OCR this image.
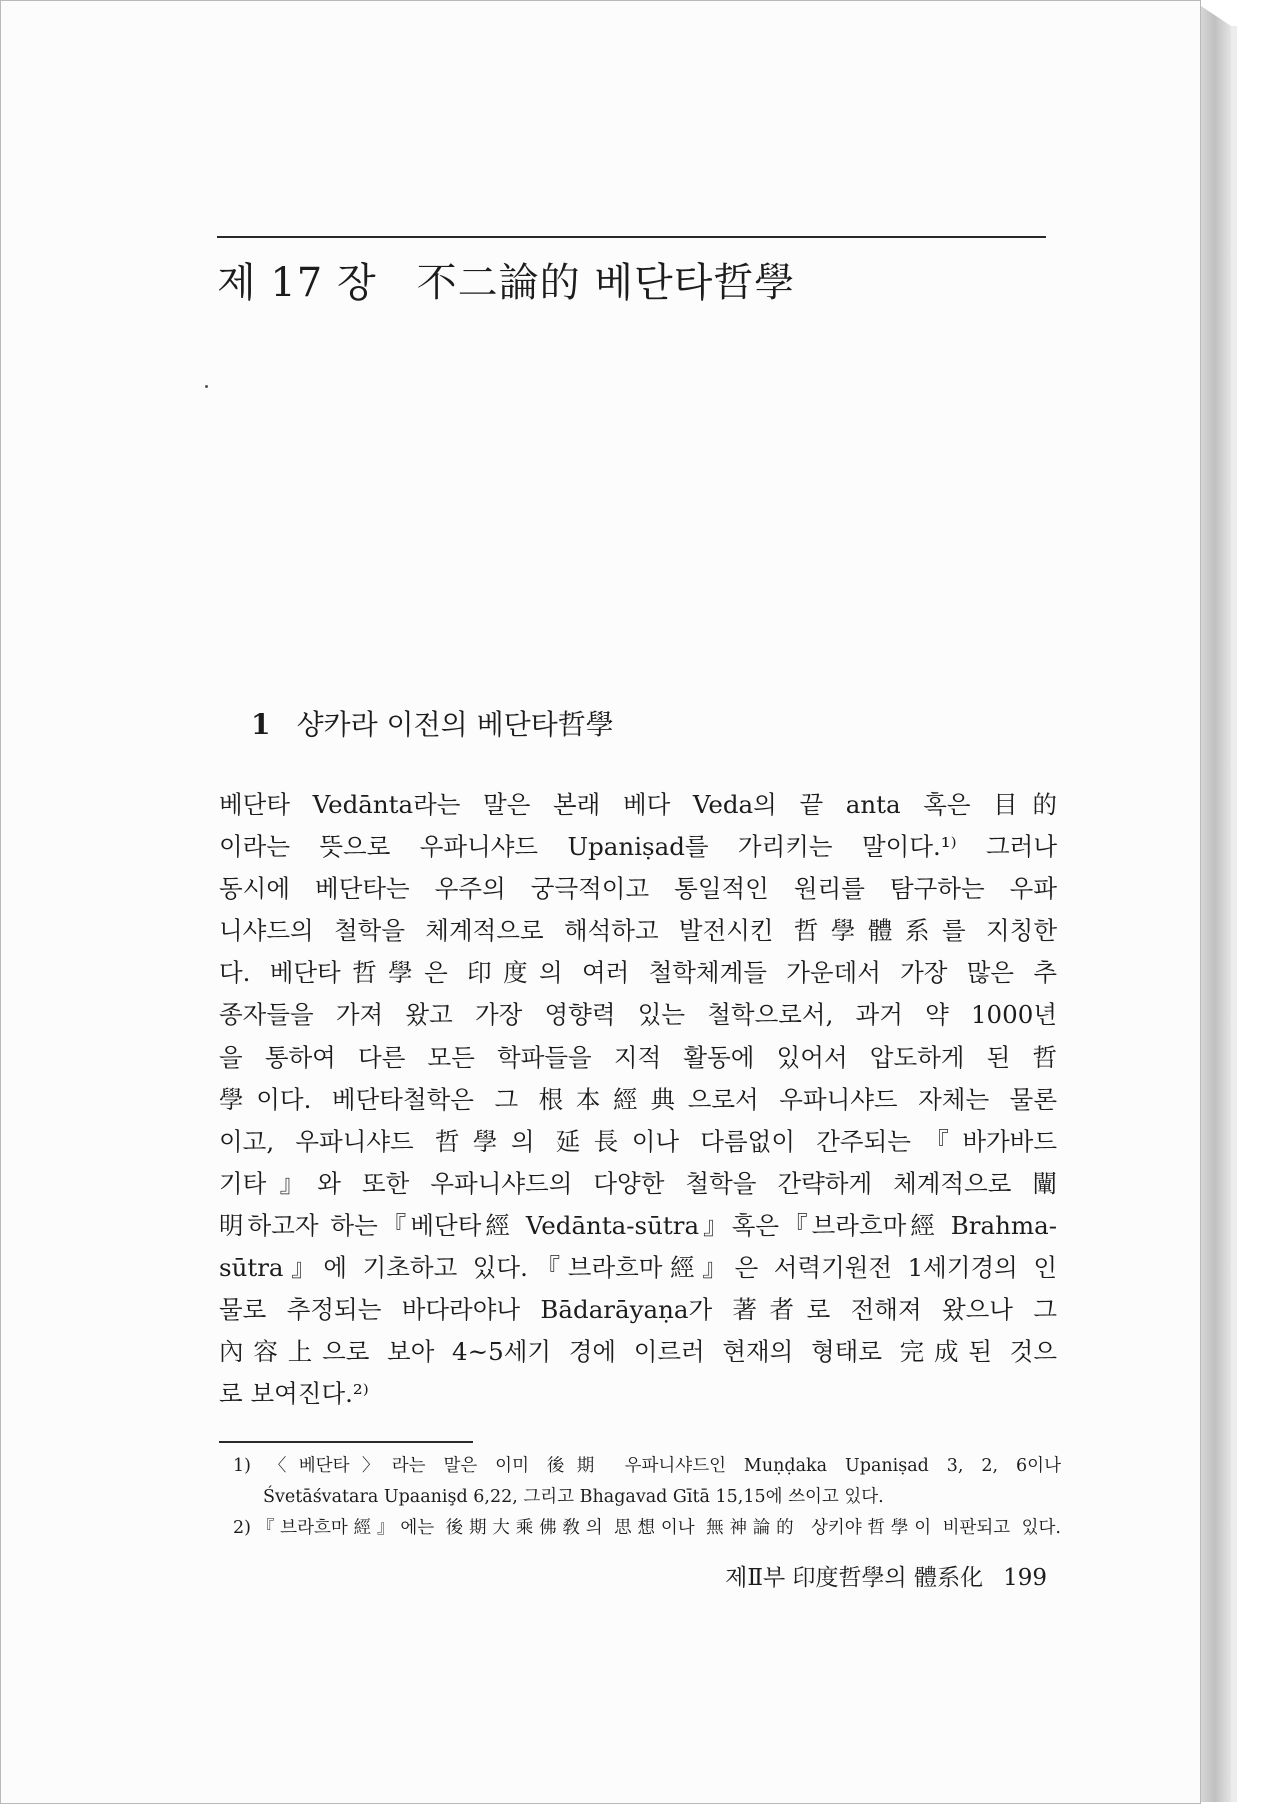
제 17 장 不二論的 베단타哲學
1 샹카라 이전의 베단타哲學
베단타 Vedānta라는 말은 본래 베다 Veda의 끝 anta 혹은 目的
이라는 뜻으로 우파니샤드 Upaniṣad를 가리키는 말이다.¹⁾ 그러나
동시에 베단타는 우주의 궁극적이고 통일적인 원리를 탐구하는 우파
니샤드의 철학을 체계적으로 해석하고 발전시킨 哲學體系를 지칭한
다. 베단타哲學은 印度의 여러 철학체계들 가운데서 가장 많은 추
종자들을 가져 왔고 가장 영향력 있는 철학으로서, 과거 약 1000년
을 통하여 다른 모든 학파들을 지적 활동에 있어서 압도하게 된 哲
學이다. 베단타철학은 그 根本經典으로서 우파니샤드 자체는 물론
이고, 우파니샤드 哲學의 延長이나 다름없이 간주되는『바가바드
기타』와 또한 우파니샤드의 다양한 철학을 간략하게 체계적으로 闡
明하고자 하는『베단타經 Vedānta-sūtra』혹은『브라흐마經 Brahma-
sūtra』에 기초하고 있다.『브라흐마經』은 서력기원전 1세기경의 인
물로 추정되는 바다라야나 Bādarāyaṇa가 著者로 전해져 왔으나 그
內容上으로 보아 4~5세기 경에 이르러 현재의 형태로 完成된 것으
로 보여진다.²⁾
1) 〈베단타〉라는 말은 이미 後期 우파니샤드인 Muṇḍaka Upaniṣad 3, 2, 6이나
Śvetāśvatara Upaanişd 6,22, 그리고 Bhagavad Gītā 15,15에 쓰이고 있다.
2)『브라흐마經』에는 後期大乘佛敎의 思想이나 無神論的 상키야哲學이 비판되고 있다.
제Ⅱ부 印度哲學의 體系化 199
